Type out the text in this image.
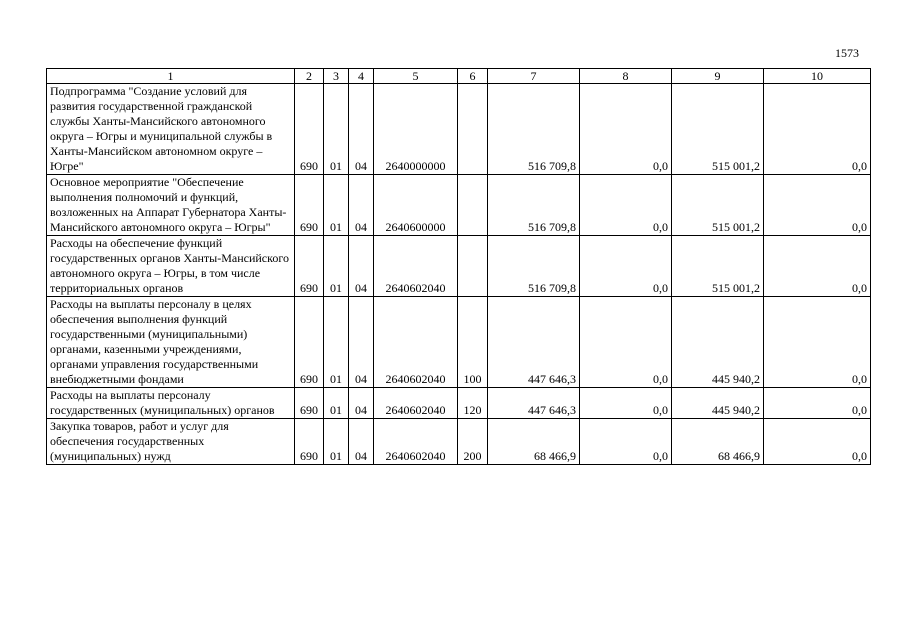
1573
1	2	3	4	5	6	7	8	9	10
Подпрограмма "Создание условий для развития государственной гражданской службы Ханты-Мансийского автономного округа – Югры и муниципальной службы в Ханты-Мансийском автономном округе – Югре"	690	01	04	2640000000		516 709,8	0,0	515 001,2	0,0
Основное мероприятие "Обеспечение выполнения полномочий и функций, возложенных на Аппарат Губернатора Ханты-Мансийского автономного округа – Югры"	690	01	04	2640600000		516 709,8	0,0	515 001,2	0,0
Расходы на обеспечение функций государственных органов Ханты-Мансийского автономного округа – Югры, в том числе территориальных органов	690	01	04	2640602040		516 709,8	0,0	515 001,2	0,0
Расходы на выплаты персоналу в целях обеспечения выполнения функций государственными (муниципальными) органами, казенными учреждениями, органами управления государственными внебюджетными фондами	690	01	04	2640602040	100	447 646,3	0,0	445 940,2	0,0
Расходы на выплаты персоналу государственных (муниципальных) органов	690	01	04	2640602040	120	447 646,3	0,0	445 940,2	0,0
Закупка товаров, работ и услуг для обеспечения государственных (муниципальных) нужд	690	01	04	2640602040	200	68 466,9	0,0	68 466,9	0,0
